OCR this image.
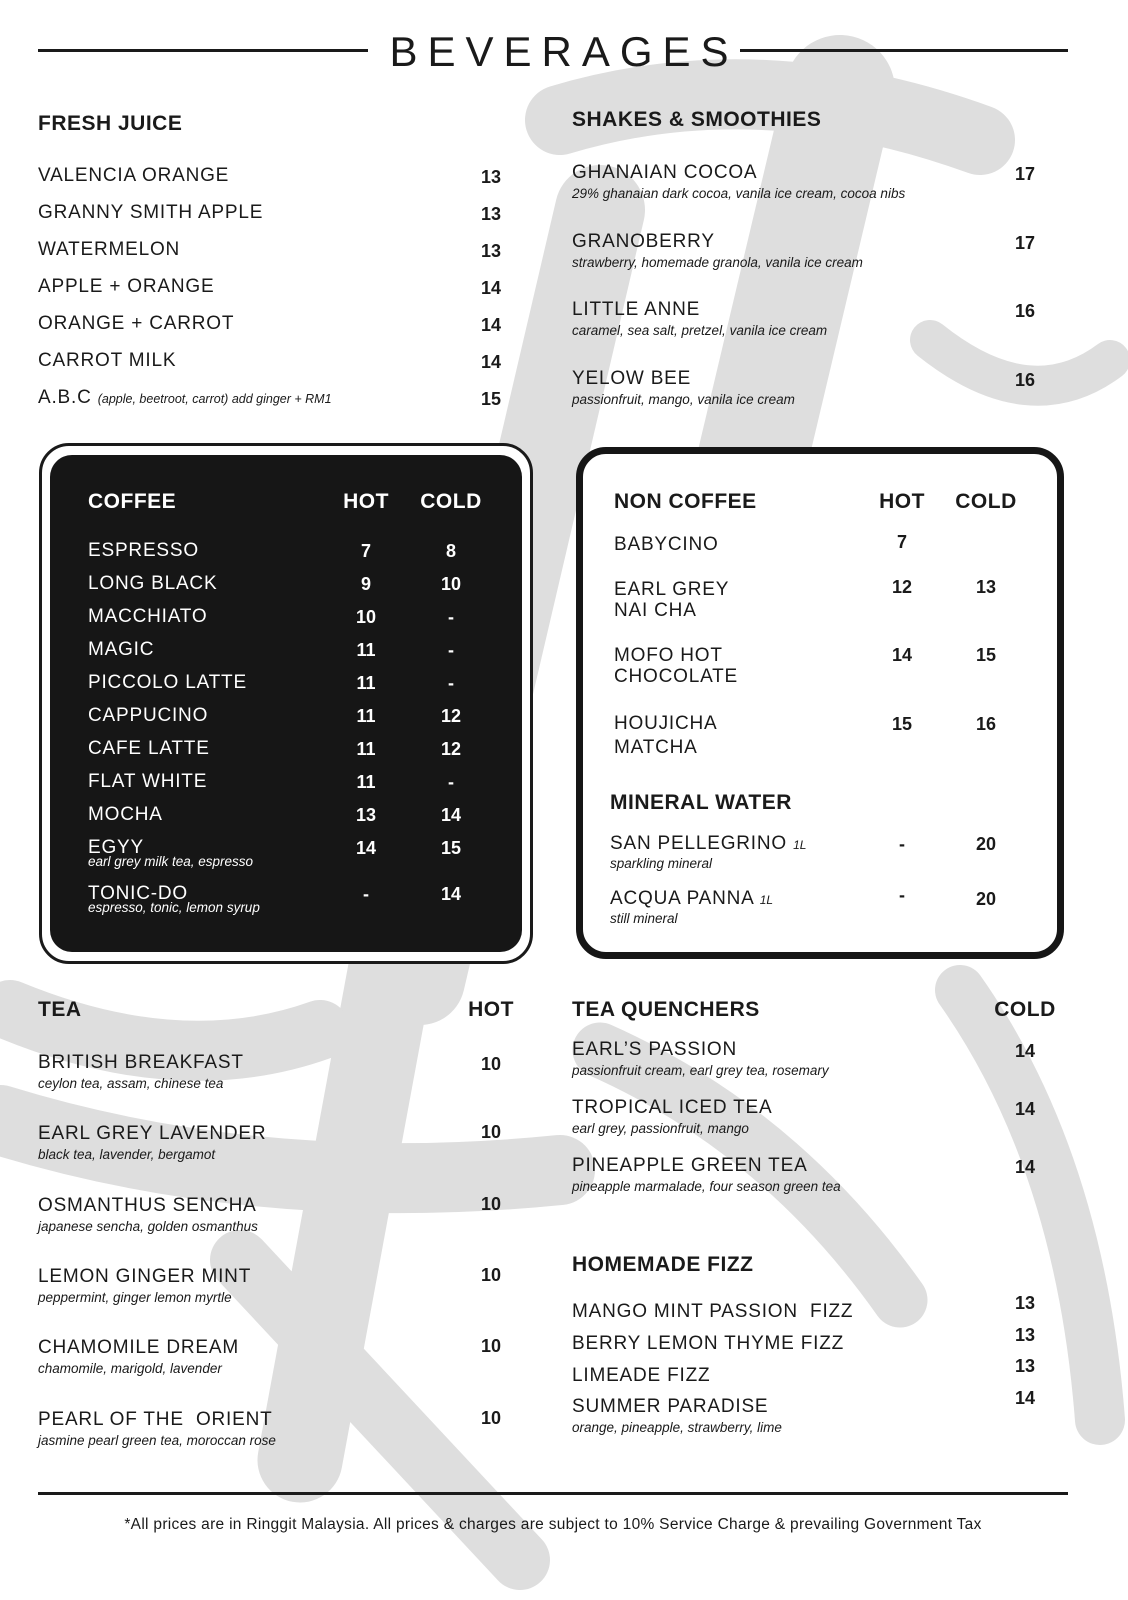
BEVERAGES
FRESH JUICE
VALENCIA ORANGE	13
GRANNY SMITH APPLE	13
WATERMELON	13
APPLE + ORANGE	14
ORANGE + CARROT	14
CARROT MILK	14
A.B.C (apple, beetroot, carrot) add ginger + RM1	15
SHAKES & SMOOTHIES
GHANAIAN COCOA
29% ghanaian dark cocoa, vanila ice cream, cocoa nibs
17
GRANOBERRY
strawberry, homemade granola, vanila ice cream
17
LITTLE ANNE
caramel, sea salt, pretzel, vanila ice cream
16
YELOW BEE
passionfruit, mango, vanila ice cream
16
COFFEE	HOT	COLD
ESPRESSO	7	8
LONG BLACK	9	10
MACCHIATO	10	-
MAGIC	11	-
PICCOLO LATTE	11	-
CAPPUCINO	11	12
CAFE LATTE	11	12
FLAT WHITE	11	-
MOCHA	13	14
EGYY
earl grey milk tea, espresso
14	15
TONIC-DO
espresso, tonic, lemon syrup
-	14
NON COFFEE	HOT	COLD
BABYCINO	7
EARL GREY
NAI CHA
12	13
MOFO HOT
CHOCOLATE
14	15
HOUJICHA
MATCHA
15	16
MINERAL WATER
SAN PELLEGRINO 1L
sparkling mineral
-	20
ACQUA PANNA 1L
still mineral
-	20
TEA	HOT
BRITISH BREAKFAST
ceylon tea, assam, chinese tea
10
EARL GREY LAVENDER
black tea, lavender, bergamot
10
OSMANTHUS SENCHA
japanese sencha, golden osmanthus
10
LEMON GINGER MINT
peppermint, ginger lemon myrtle
10
CHAMOMILE DREAM
chamomile, marigold, lavender
10
PEARL OF THE  ORIENT
jasmine pearl green tea, moroccan rose
10
TEA QUENCHERS	COLD
EARL’S PASSION
passionfruit cream, earl grey tea, rosemary
14
TROPICAL ICED TEA
earl grey, passionfruit, mango
14
PINEAPPLE GREEN TEA
pineapple marmalade, four season green tea
14
HOMEMADE FIZZ
MANGO MINT PASSION  FIZZ	13
BERRY LEMON THYME FIZZ	13
LIMEADE FIZZ	13
SUMMER PARADISE
orange, pineapple, strawberry, lime
14
*All prices are in Ringgit Malaysia. All prices & charges are subject to 10% Service Charge & prevailing Government Tax
